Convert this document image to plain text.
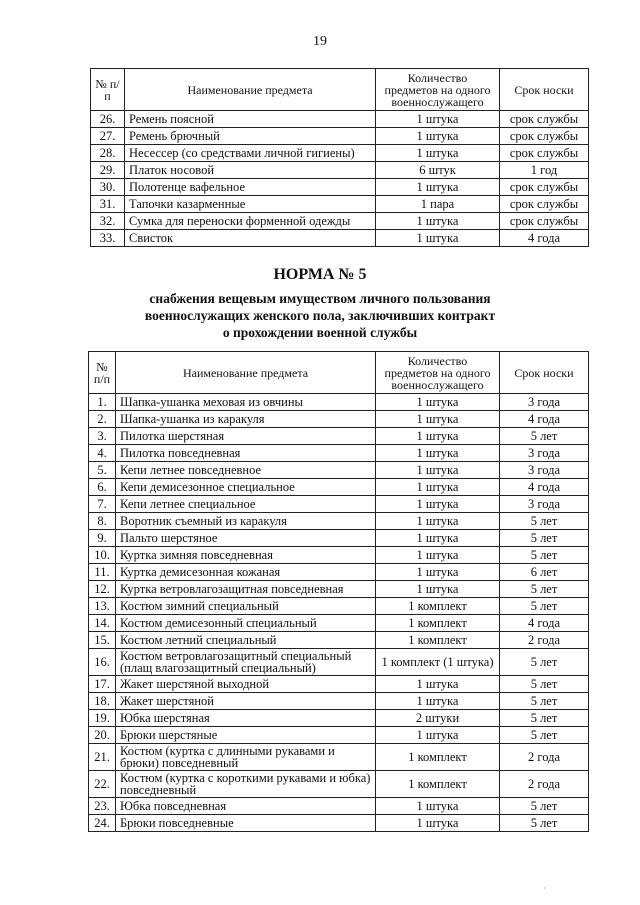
19
№ п/п	Наименование предмета	Количество предметов на одного военнослужащего	Срок носки
26.	Ремень поясной	1 штука	срок службы
27.	Ремень брючный	1 штука	срок службы
28.	Несессер (со средствами личной гигиены)	1 штука	срок службы
29.	Платок носовой	6 штук	1 год
30.	Полотенце вафельное	1 штука	срок службы
31.	Тапочки казарменные	1 пара	срок службы
32.	Сумка для переноски форменной одежды	1 штука	срок службы
33.	Свисток	1 штука	4 года
НОРМА № 5
снабжения вещевым имуществом личного пользования
военнослужащих женского пола, заключивших контракт
о прохождении военной службы
№ п/п	Наименование предмета	Количество предметов на одного военнослужащего	Срок носки
1.	Шапка-ушанка меховая из овчины	1 штука	3 года
2.	Шапка-ушанка из каракуля	1 штука	4 года
3.	Пилотка шерстяная	1 штука	5 лет
4.	Пилотка повседневная	1 штука	3 года
5.	Кепи летнее повседневное	1 штука	3 года
6.	Кепи демисезонное специальное	1 штука	4 года
7.	Кепи летнее специальное	1 штука	3 года
8.	Воротник съемный из каракуля	1 штука	5 лет
9.	Пальто шерстяное	1 штука	5 лет
10.	Куртка зимняя повседневная	1 штука	5 лет
11.	Куртка демисезонная кожаная	1 штука	6 лет
12.	Куртка ветровлагозащитная повседневная	1 штука	5 лет
13.	Костюм зимний специальный	1 комплект	5 лет
14.	Костюм демисезонный специальный	1 комплект	4 года
15.	Костюм летний специальный	1 комплект	2 года
16.	Костюм ветровлагозащитный специальный (плащ влагозащитный специальный)	1 комплект (1 штука)	5 лет
17.	Жакет шерстяной выходной	1 штука	5 лет
18.	Жакет шерстяной	1 штука	5 лет
19.	Юбка шерстяная	2 штуки	5 лет
20.	Брюки шерстяные	1 штука	5 лет
21.	Костюм (куртка с длинными рукавами и брюки) повседневный	1 комплект	2 года
22.	Костюм (куртка с короткими рукавами и юбка) повседневный	1 комплект	2 года
23.	Юбка повседневная	1 штука	5 лет
24.	Брюки повседневные	1 штука	5 лет
·
